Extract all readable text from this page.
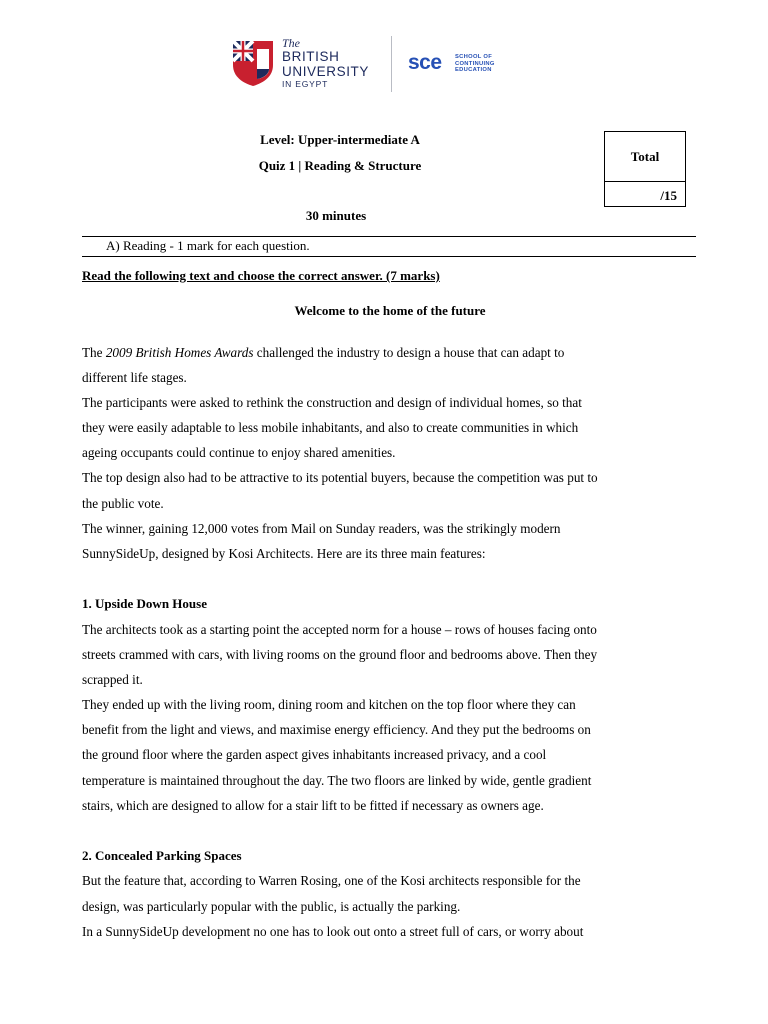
The
BRITISH
UNIVERSITY
IN EGYPT
sce SCHOOL OF
CONTINUING
EDUCATION
Level: Upper-intermediate A
Quiz 1 | Reading & Structure
30 minutes
Total
/15
A) Reading - 1 mark for each question.
Read the following text and choose the correct answer. (7 marks)
Welcome to the home of the future
The 2009 British Homes Awards challenged the industry to design a house that can adapt to
different life stages.
The participants were asked to rethink the construction and design of individual homes, so that
they were easily adaptable to less mobile inhabitants, and also to create communities in which
ageing occupants could continue to enjoy shared amenities.
The top design also had to be attractive to its potential buyers, because the competition was put to
the public vote.
The winner, gaining 12,000 votes from Mail on Sunday readers, was the strikingly modern
SunnySideUp, designed by Kosi Architects. Here are its three main features:
1. Upside Down House
The architects took as a starting point the accepted norm for a house – rows of houses facing onto
streets crammed with cars, with living rooms on the ground floor and bedrooms above. Then they
scrapped it.
They ended up with the living room, dining room and kitchen on the top floor where they can
benefit from the light and views, and maximise energy efficiency. And they put the bedrooms on
the ground floor where the garden aspect gives inhabitants increased privacy, and a cool
temperature is maintained throughout the day. The two floors are linked by wide, gentle gradient
stairs, which are designed to allow for a stair lift to be fitted if necessary as owners age.
2. Concealed Parking Spaces
But the feature that, according to Warren Rosing, one of the Kosi architects responsible for the
design, was particularly popular with the public, is actually the parking.
In a SunnySideUp development no one has to look out onto a street full of cars, or worry about
